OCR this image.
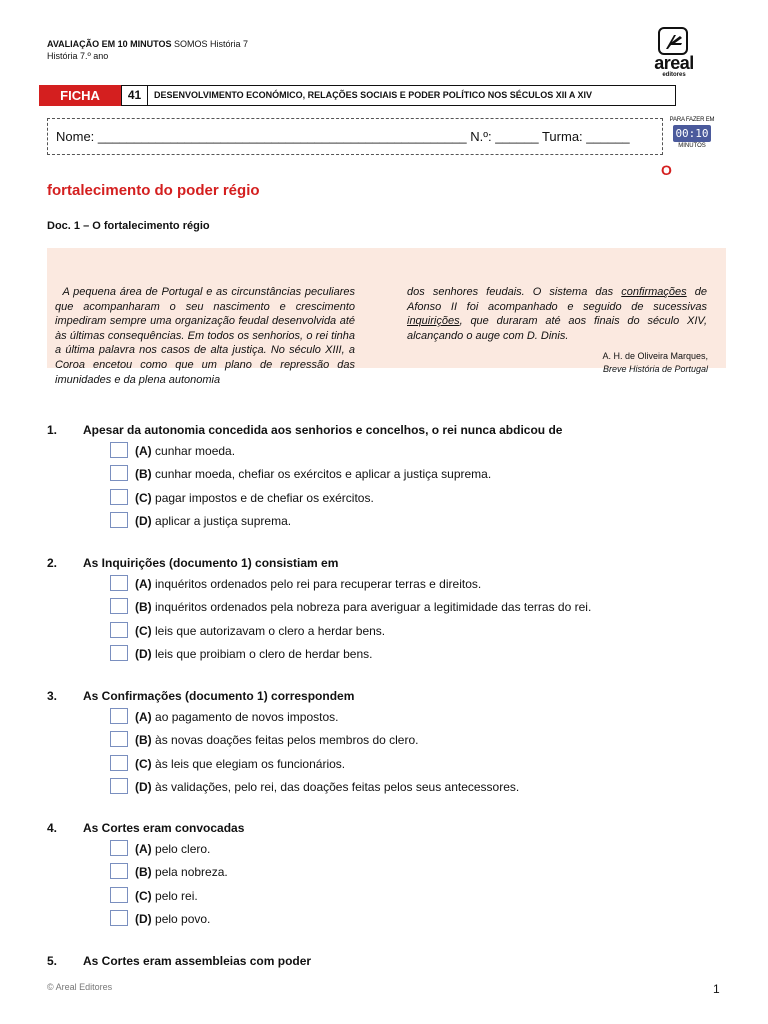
AVALIAÇÃO EM 10 MINUTOS SOMOS História 7
História 7.º ano	areal
editores
FICHA	41	DESENVOLVIMENTO ECONÓMICO, RELAÇÕES SOCIAIS E PODER POLÍTICO NOS SÉCULOS XII A XIV
Nome: ___________________________________________________ N.º: ______ Turma: ______
PARA FAZER EM
00:10
MINUTOS
O
fortalecimento do poder régio
Doc. 1 – O fortalecimento régio
A pequena área de Portugal e as circunstâncias peculiares que acompanharam o seu nascimento e crescimento impediram sempre uma organização feudal desenvolvida até às últimas consequências. Em todos os senhorios, o rei tinha a última palavra nos casos de alta justiça. No século XIII, a Coroa encetou como que um plano de repressão das imunidades e da plena autonomia
dos senhores feudais. O sistema das confirmações de Afonso II foi acompanhado e seguido de sucessivas inquirições, que duraram até aos finais do século XIV, alcançando o auge com D. Dinis.
A. H. de Oliveira Marques,
Breve História de Portugal
1. Apesar da autonomia concedida aos senhorios e concelhos, o rei nunca abdicou de
(A) cunhar moeda.
(B) cunhar moeda, chefiar os exércitos e aplicar a justiça suprema.
(C) pagar impostos e de chefiar os exércitos.
(D) aplicar a justiça suprema.
2. As Inquirições (documento 1) consistiam em
(A) inquéritos ordenados pelo rei para recuperar terras e direitos.
(B) inquéritos ordenados pela nobreza para averiguar a legitimidade das terras do rei.
(C) leis que autorizavam o clero a herdar bens.
(D) leis que proibiam o clero de herdar bens.
3. As Confirmações (documento 1) correspondem
(A) ao pagamento de novos impostos.
(B) às novas doações feitas pelos membros do clero.
(C) às leis que elegiam os funcionários.
(D) às validações, pelo rei, das doações feitas pelos seus antecessores.
4. As Cortes eram convocadas
(A) pelo clero.
(B) pela nobreza.
(C) pelo rei.
(D) pelo povo.
5. As Cortes eram assembleias com poder
© Areal Editores	1
